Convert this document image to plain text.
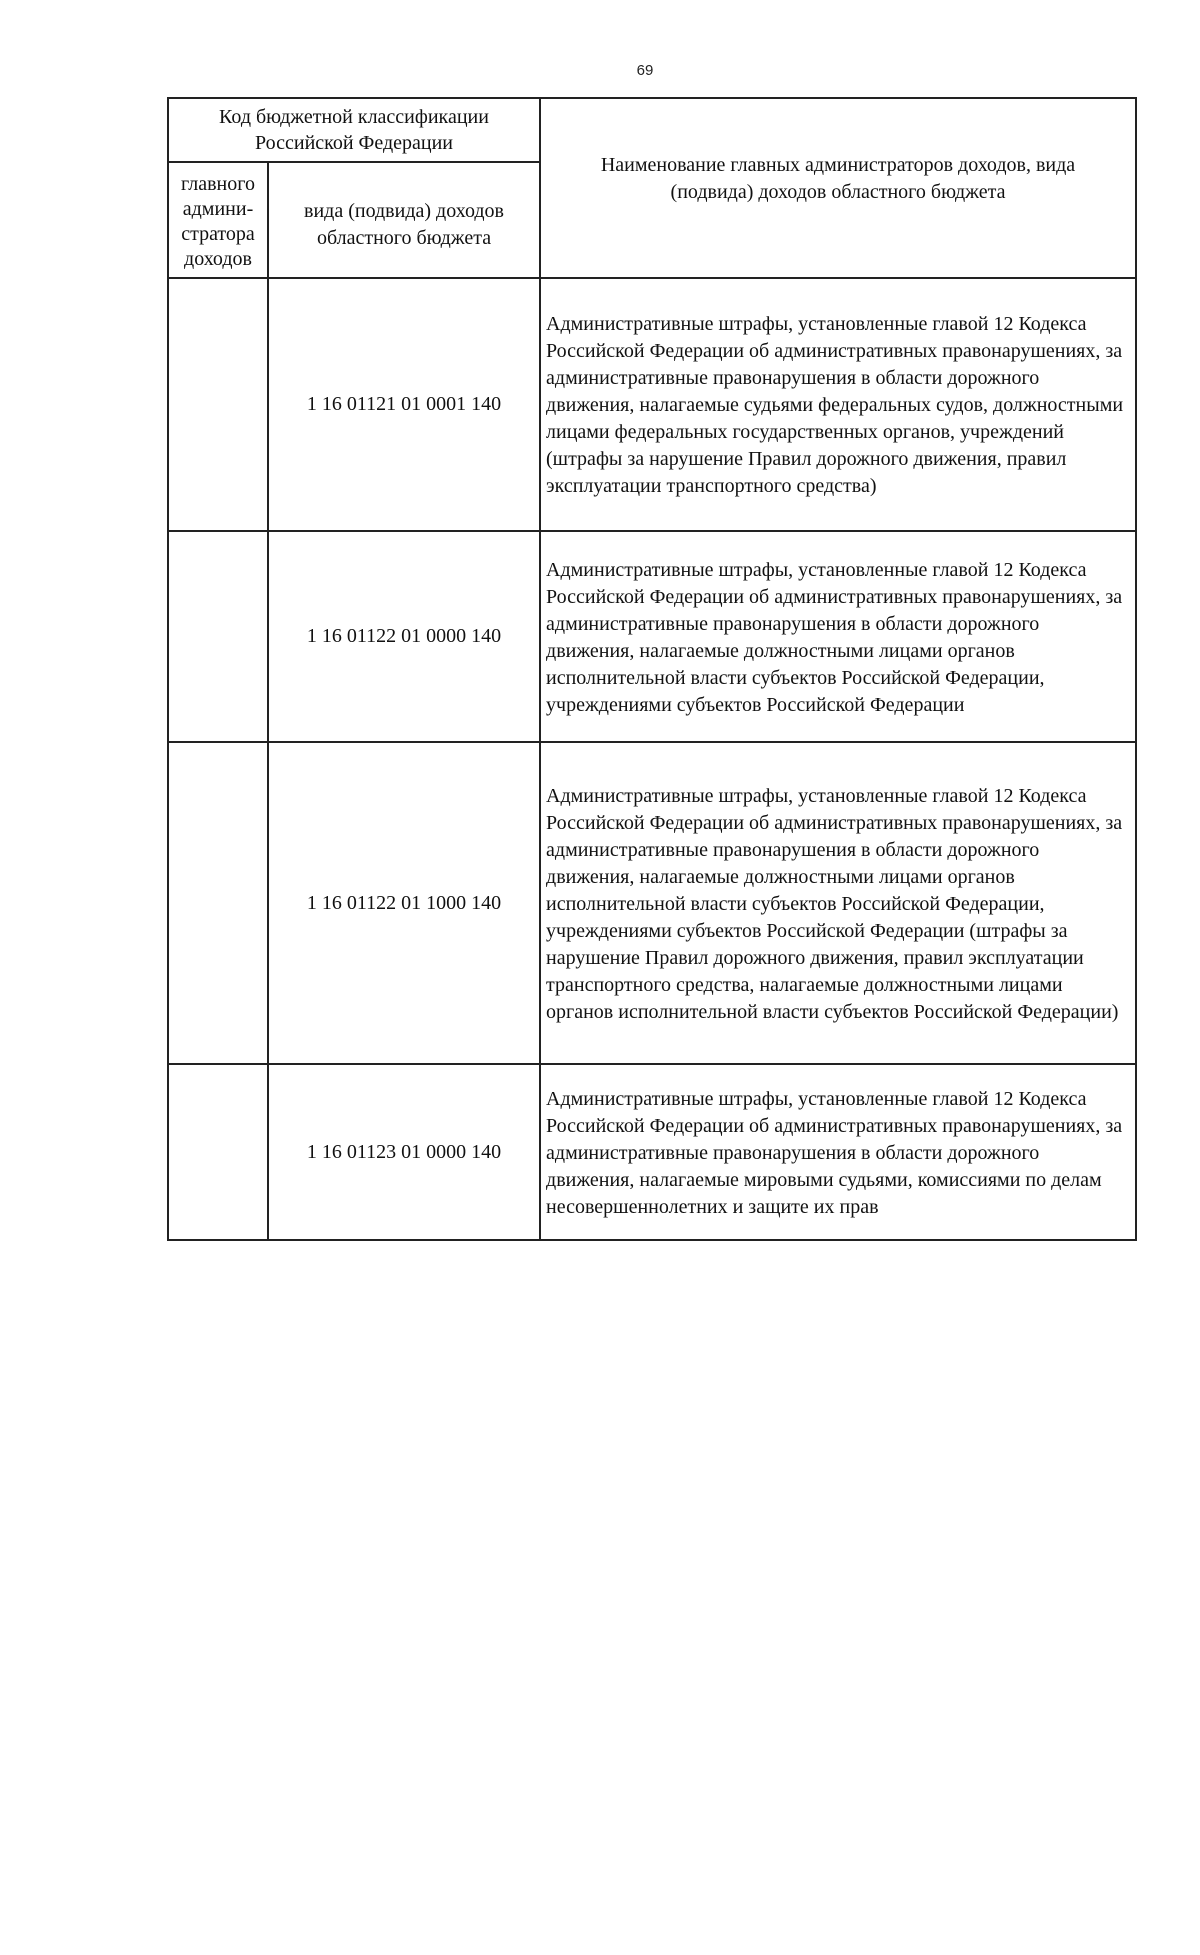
69
Код бюджетной классификации Российской Федерации		Наименование главных администраторов доходов, вида (подвида) доходов областного бюджета
главного админи-стратора доходов	вида (подвида) доходов областного бюджета	
	1 16 01121 01 0001 140	Административные штрафы, установленные главой 12 Кодекса Российской Федерации об административных правонарушениях, за административные правонарушения в области дорожного движения, налагаемые судьями федеральных судов, должностными лицами федеральных государственных органов, учреждений (штрафы за нарушение Правил дорожного движения, правил эксплуатации транспортного средства)
	1 16 01122 01 0000 140	Административные штрафы, установленные главой 12 Кодекса Российской Федерации об административных правонарушениях, за административные правонарушения в области дорожного движения, налагаемые должностными лицами органов исполнительной власти субъектов Российской Федерации, учреждениями субъектов Российской Федерации
	1 16 01122 01 1000 140	Административные штрафы, установленные главой 12 Кодекса Российской Федерации об административных правонарушениях, за административные правонарушения в области дорожного движения, налагаемые должностными лицами органов исполнительной власти субъектов Российской Федерации, учреждениями субъектов Российской Федерации (штрафы за нарушение Правил дорожного движения, правил эксплуатации транспортного средства, налагаемые должностными лицами органов исполнительной власти субъектов Российской Федерации)
	1 16 01123 01 0000 140	Административные штрафы, установленные главой 12 Кодекса Российской Федерации об административных правонарушениях, за административные правонарушения в области дорожного движения, налагаемые мировыми судьями, комиссиями по делам несовершеннолетних и защите их прав
